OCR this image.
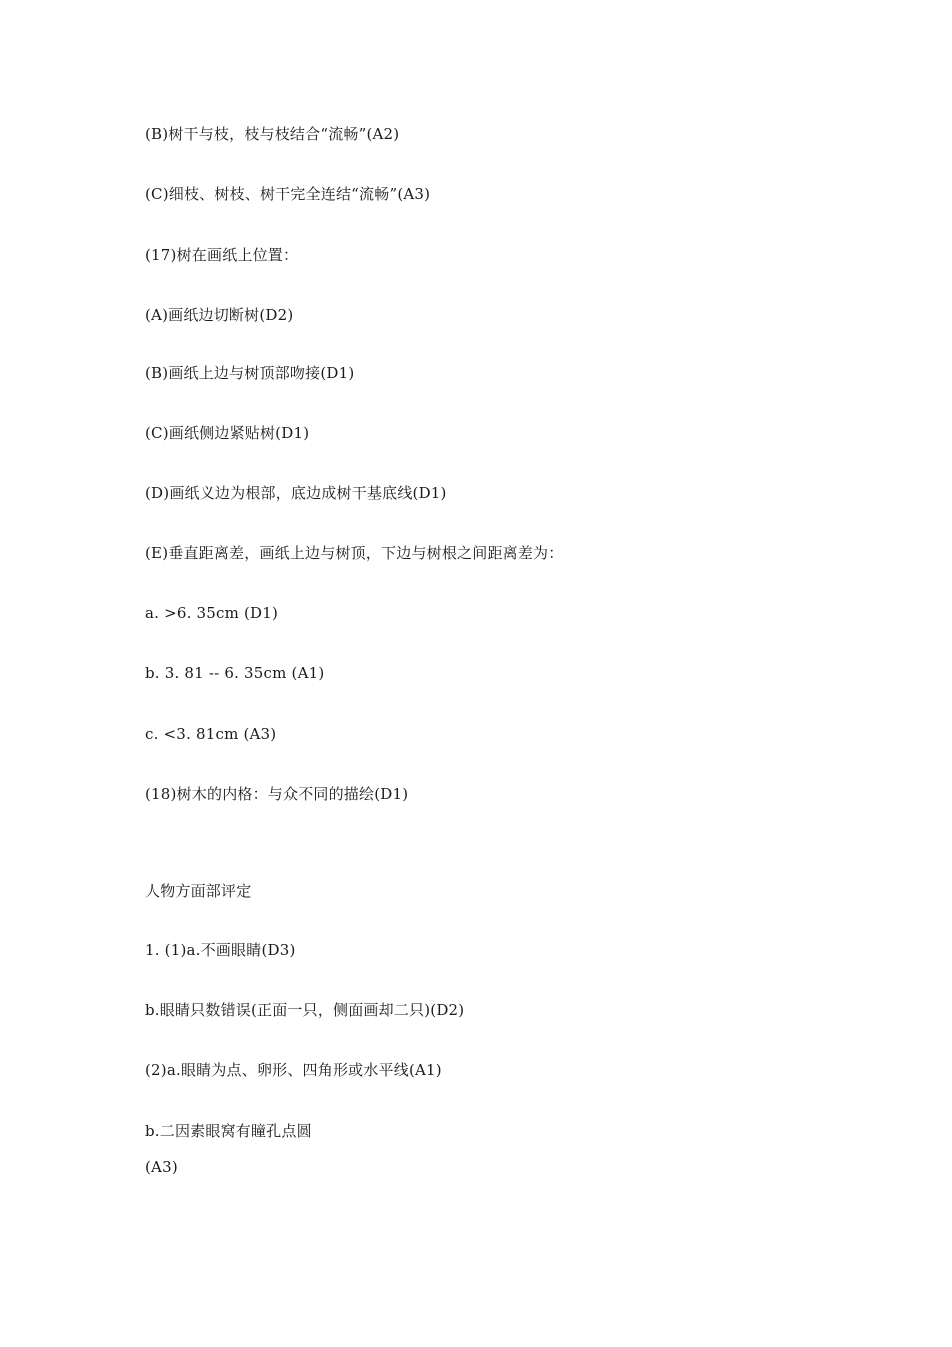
(B)树干与枝，枝与枝结合“流畅”(A2)
(C)细枝、树枝、树干完全连结“流畅”(A3)
(17)树在画纸上位置：
(A)画纸边切断树(D2)
(B)画纸上边与树顶部吻接(D1)
(C)画纸侧边紧贴树(D1)
(D)画纸义边为根部，底边成树干基底线(D1)
(E)垂直距离差，画纸上边与树顶，下边与树根之间距离差为：
a. >6. 35cm (D1)
b. 3. 81 -- 6. 35cm (A1)
c. <3. 81cm (A3)
(18)树木的内格：与众不同的描绘(D1)
人物方面部评定
1. (1)a.不画眼睛(D3)
b.眼睛只数错误(正面一只，侧面画却二只)(D2)
(2)a.眼睛为点、卵形、四角形或水平线(A1)
b.二因素眼窝有瞳孔点圆
(A3)
